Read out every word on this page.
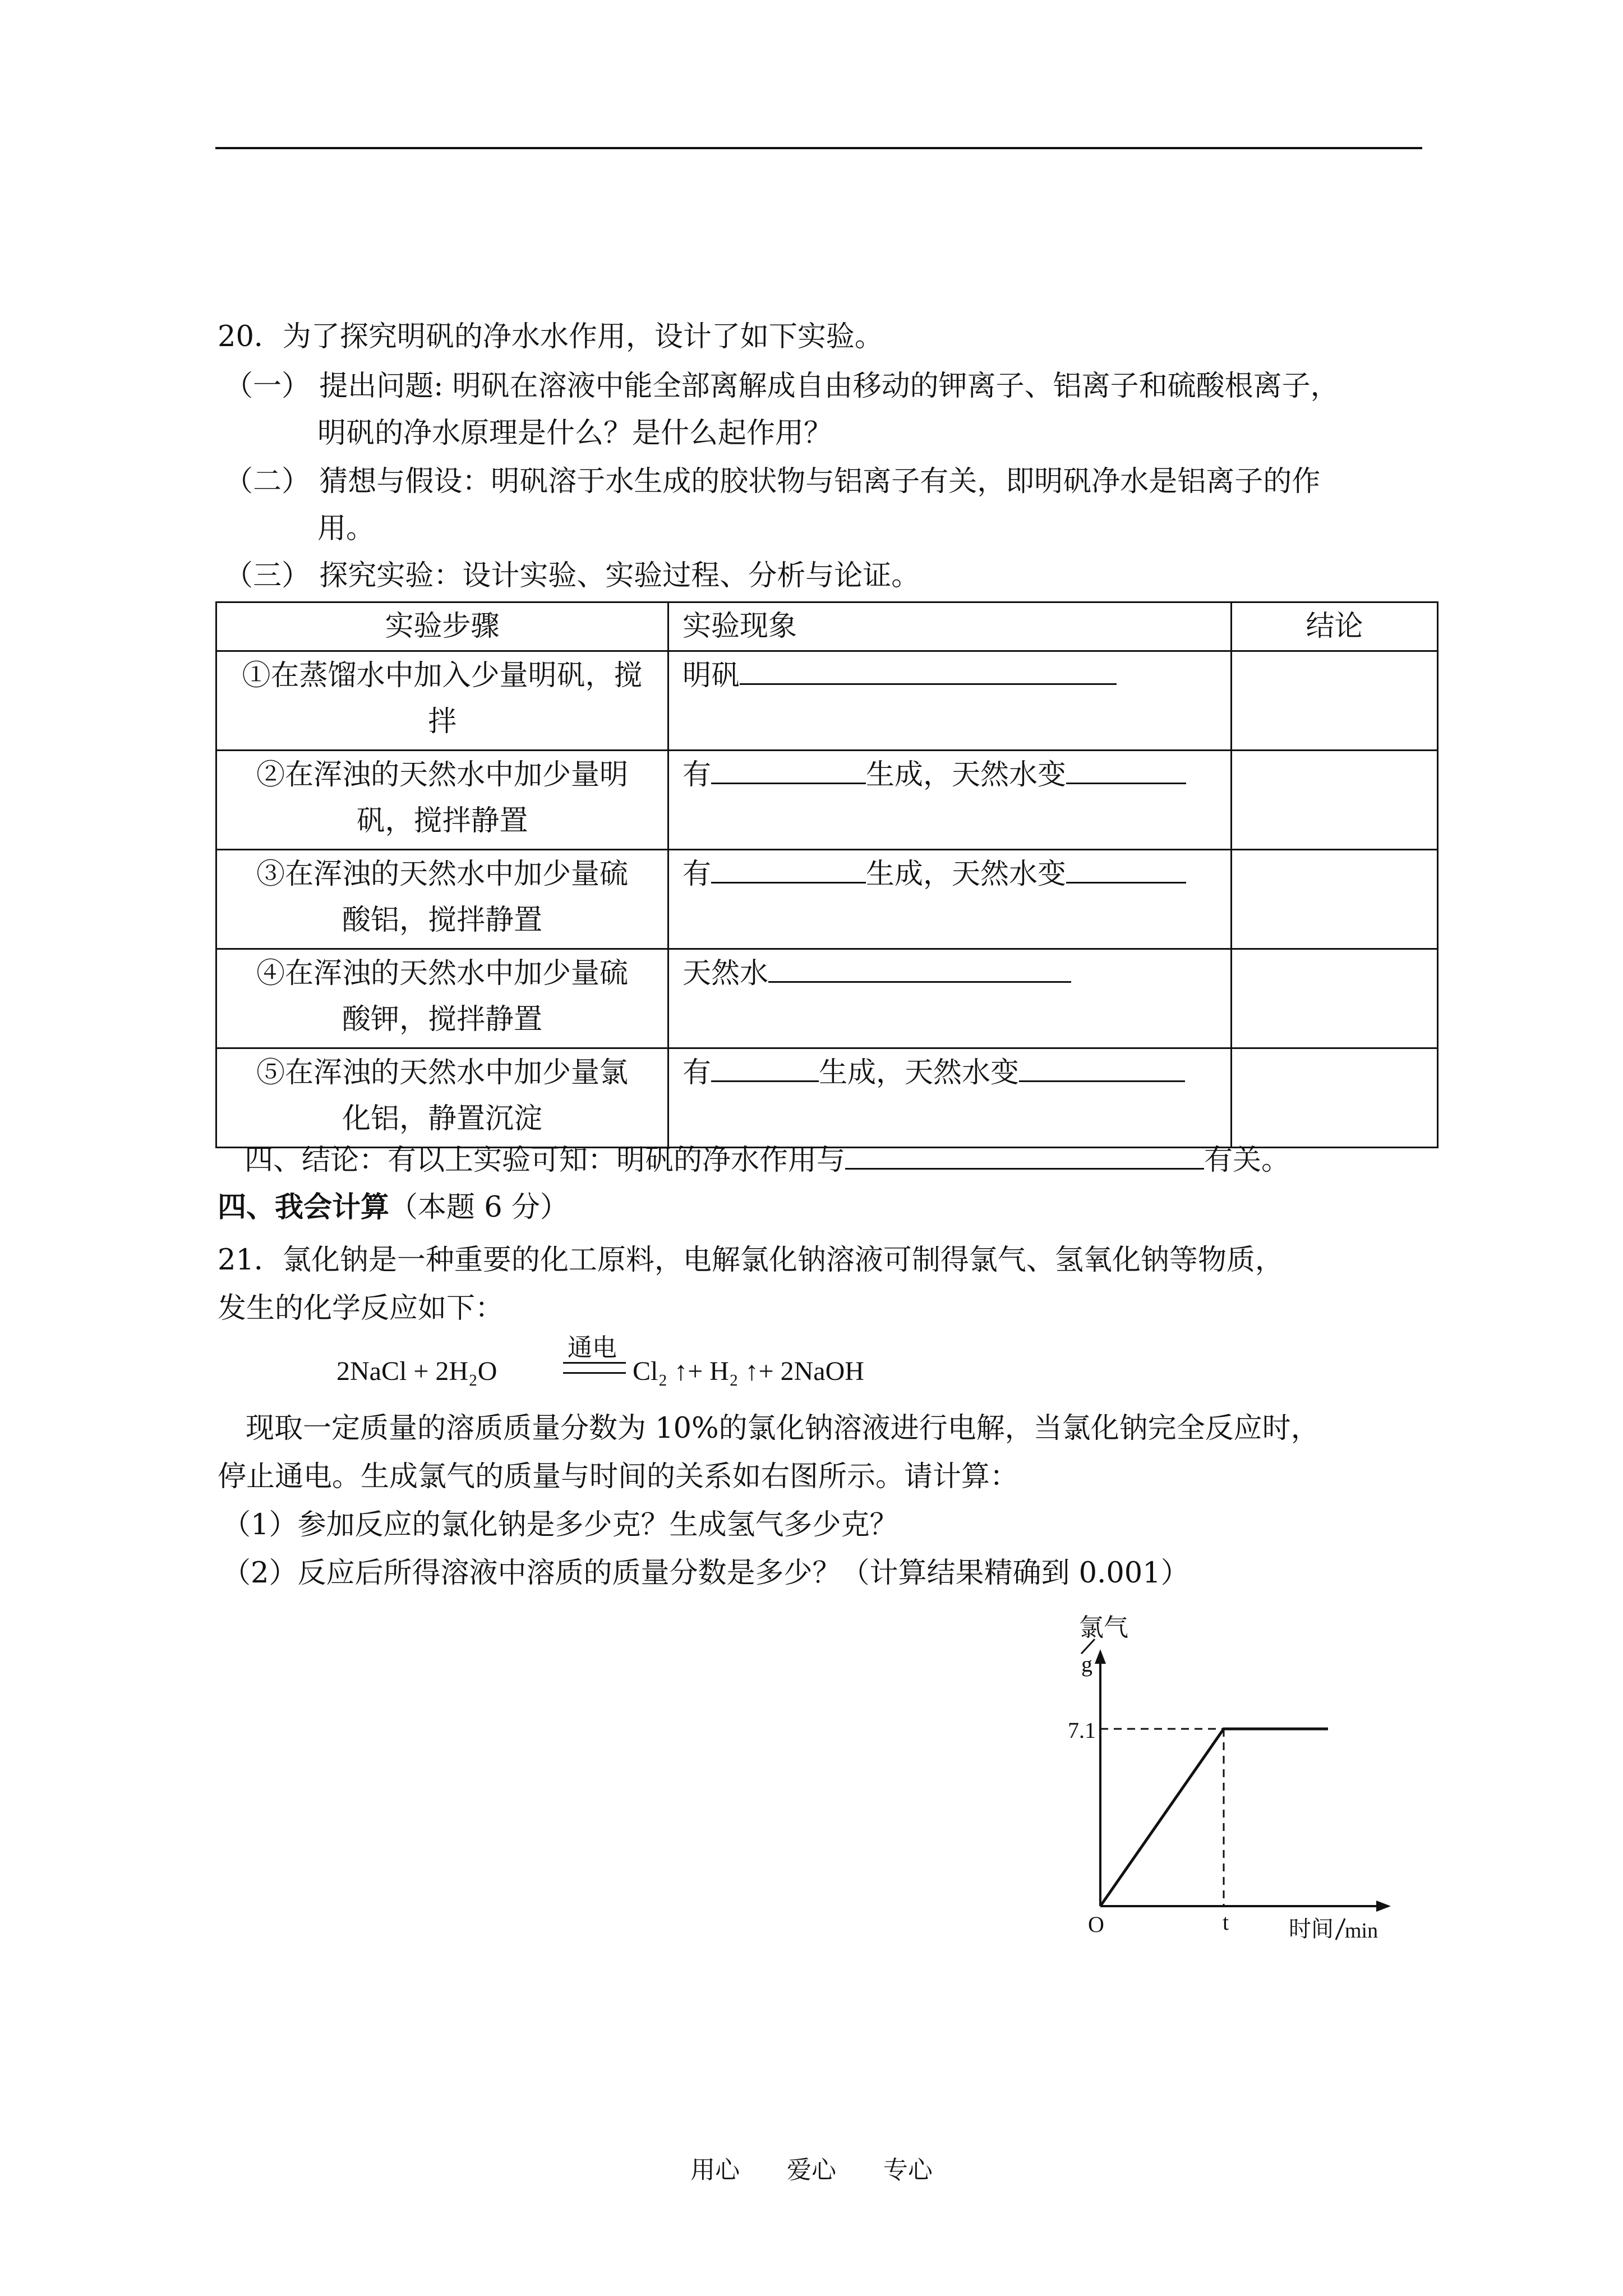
20．为了探究明矾的净水水作用，设计了如下实验。
（一） 提出问题: 明矾在溶液中能全部离解成自由移动的钾离子、铝离子和硫酸根离子，
明矾的净水原理是什么？是什么起作用？
（二） 猜想与假设：明矾溶于水生成的胶状物与铝离子有关，即明矾净水是铝离子的作
用。
（三） 探究实验：设计实验、实验过程、分析与论证。
实验步骤	实验现象	结论

①在蒸馏水中加入少量明矾，搅
拌	明矾	

②在浑浊的天然水中加少量明
矾，搅拌静置	有 生成，天然水变	

③在浑浊的天然水中加少量硫
酸铝，搅拌静置	有 生成，天然水变	

④在浑浊的天然水中加少量硫
酸钾，搅拌静置	天然水	

⑤在浑浊的天然水中加少量氯
化铝，静置沉淀	有 生成，天然水变	
四、结论：有以上实验可知：明矾的净水作用与	有关。
四、我会计算（本题 6 分）
21．氯化钠是一种重要的化工原料，电解氯化钠溶液可制得氯气、氢氧化钠等物质，
发生的化学反应如下：
2NaCl + 2H₂O
通电
Cl₂ ↑+ H₂ ↑+ 2NaOH
现取一定质量的溶质质量分数为 10%的氯化钠溶液进行电解，当氯化钠完全反应时，
停止通电。生成氯气的质量与时间的关系如右图所示。请计算：
（1）参加反应的氯化钠是多少克？生成氢气多少克？
（2）反应后所得溶液中溶质的质量分数是多少？（计算结果精确到 0.001）
氯气
g
7.1
O	t	时间 min
用心      爱心      专心
